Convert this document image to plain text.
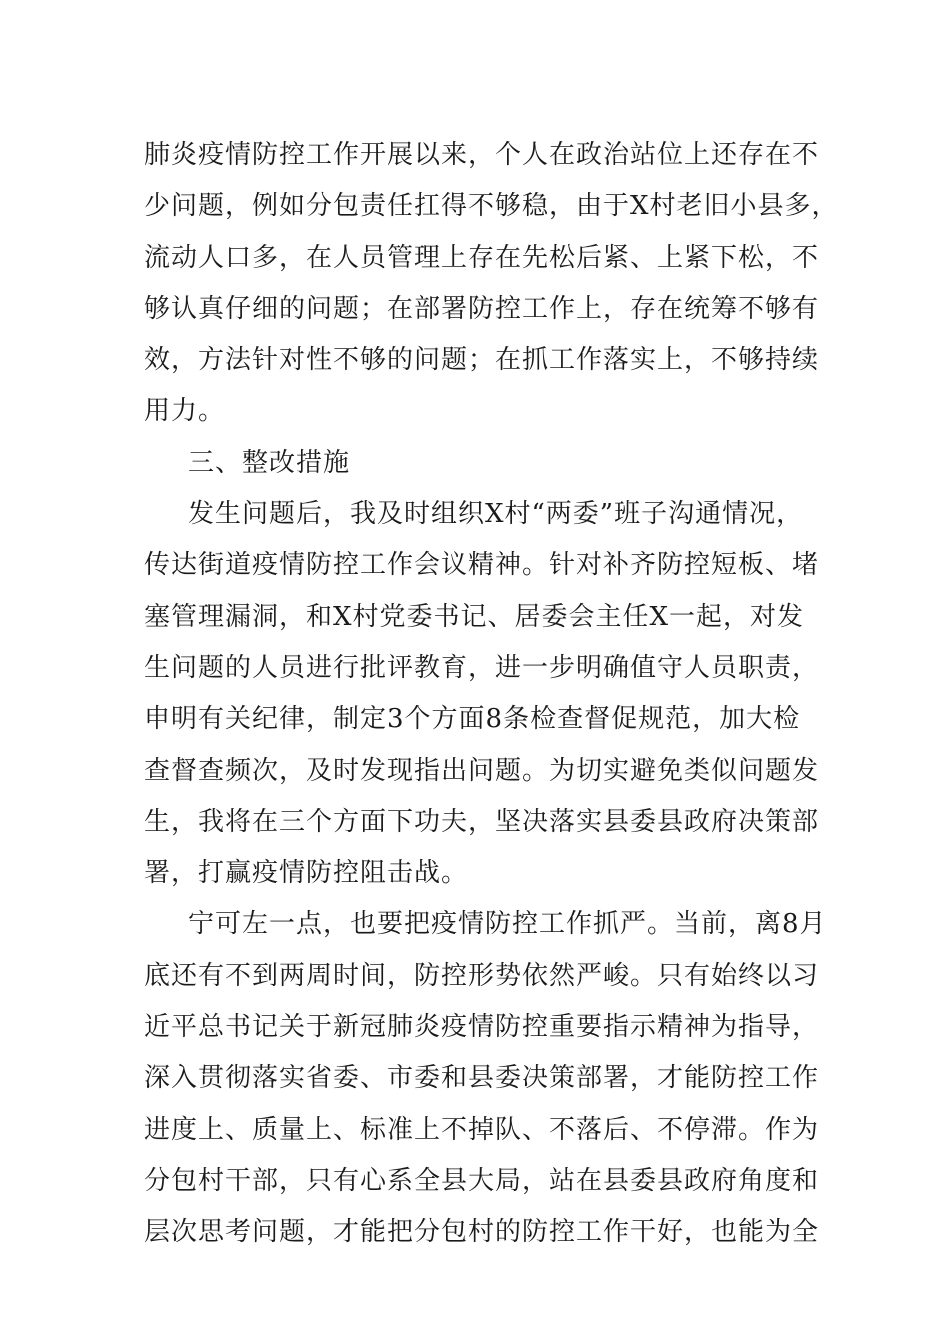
肺炎疫情防控工作开展以来，个人在政治站位上还存在不
少问题，例如分包责任扛得不够稳，由于X村老旧小县多，
流动人口多，在人员管理上存在先松后紧、上紧下松，不
够认真仔细的问题；在部署防控工作上，存在统筹不够有
效，方法针对性不够的问题；在抓工作落实上，不够持续
用力。
三、整改措施
发生问题后，我及时组织X村“两委”班子沟通情况，
传达街道疫情防控工作会议精神。针对补齐防控短板、堵
塞管理漏洞，和X村党委书记、居委会主任X一起，对发
生问题的人员进行批评教育，进一步明确值守人员职责，
申明有关纪律，制定3个方面8条检查督促规范，加大检
查督查频次，及时发现指出问题。为切实避免类似问题发
生，我将在三个方面下功夫，坚决落实县委县政府决策部
署，打赢疫情防控阻击战。
宁可左一点，也要把疫情防控工作抓严。当前，离8月
底还有不到两周时间，防控形势依然严峻。只有始终以习
近平总书记关于新冠肺炎疫情防控重要指示精神为指导，
深入贯彻落实省委、市委和县委决策部署，才能防控工作
进度上、质量上、标准上不掉队、不落后、不停滞。作为
分包村干部，只有心系全县大局，站在县委县政府角度和
层次思考问题，才能把分包村的防控工作干好，也能为全
